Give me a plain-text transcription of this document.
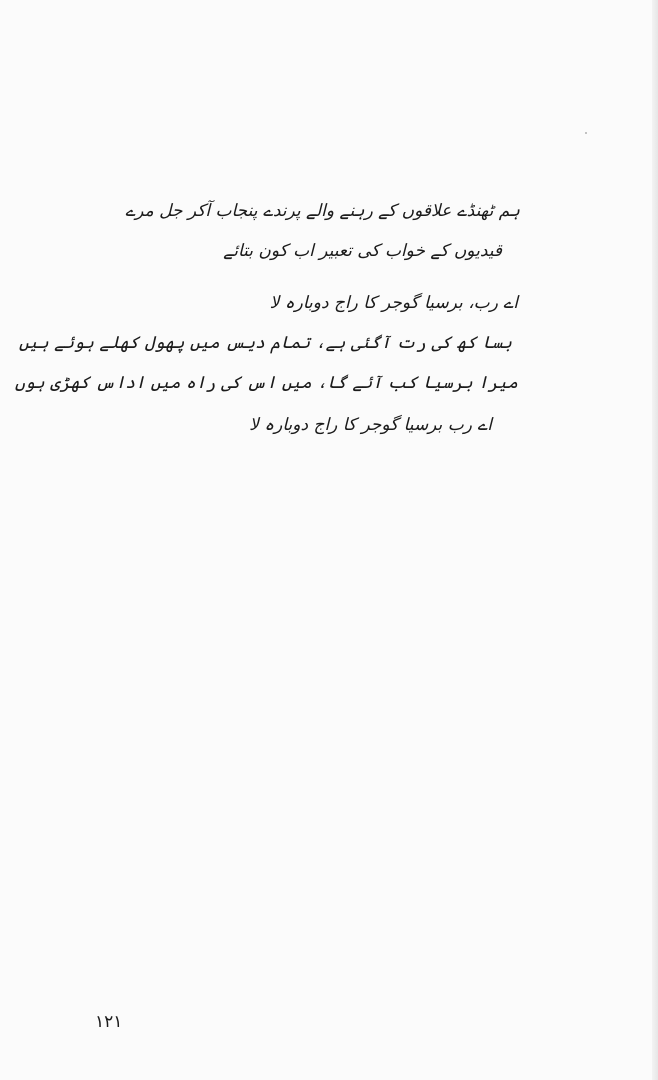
ہم ٹھنڈے علاقوں کے رہنے والے پرندے پنجاب آکر جل مرے
قیدیوں کے خواب کی تعبیر اب کون بتائے
اے رب، برسیا گوجر کا راج دوبارہ لا
بسا کھ کی رت آگئی ہے، تمام دیس میں پھول کھلے ہوئے ہیں
میرا برسیا کب آئے گا، میں اس کی راہ میں اداس کھڑی ہوں
اے رب برسیا گوجر کا راج دوبارہ لا
۱۲۱
